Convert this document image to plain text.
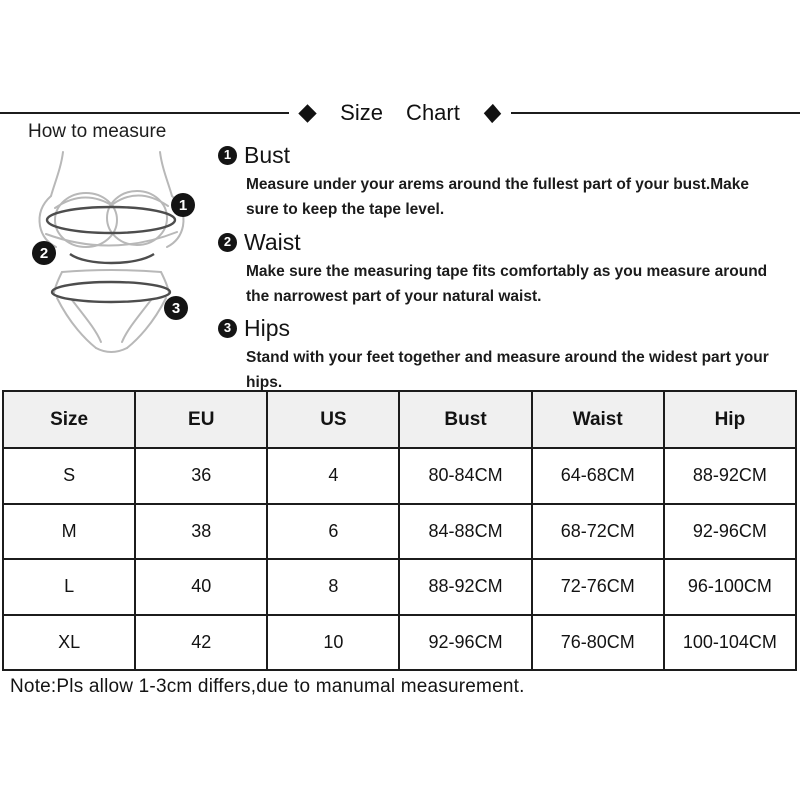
Size Chart
How to measure
1
2
3
1 Bust

Measure under your arems around the fullest part of your bust.Make sure to keep the tape level.

2 Waist

Make sure the measuring tape fits comfortably as you measure around the narrowest part of your natural waist.

3 Hips

Stand with your feet together and measure around the widest part your hips.

Size	EU	US	Bust	Waist	Hip
S	36	4	80-84CM	64-68CM	88-92CM
M	38	6	84-88CM	68-72CM	92-96CM
L	40	8	88-92CM	72-76CM	96-100CM
XL	42	10	92-96CM	76-80CM	100-104CM
Note:Pls allow 1-3cm differs,due to manumal measurement.
